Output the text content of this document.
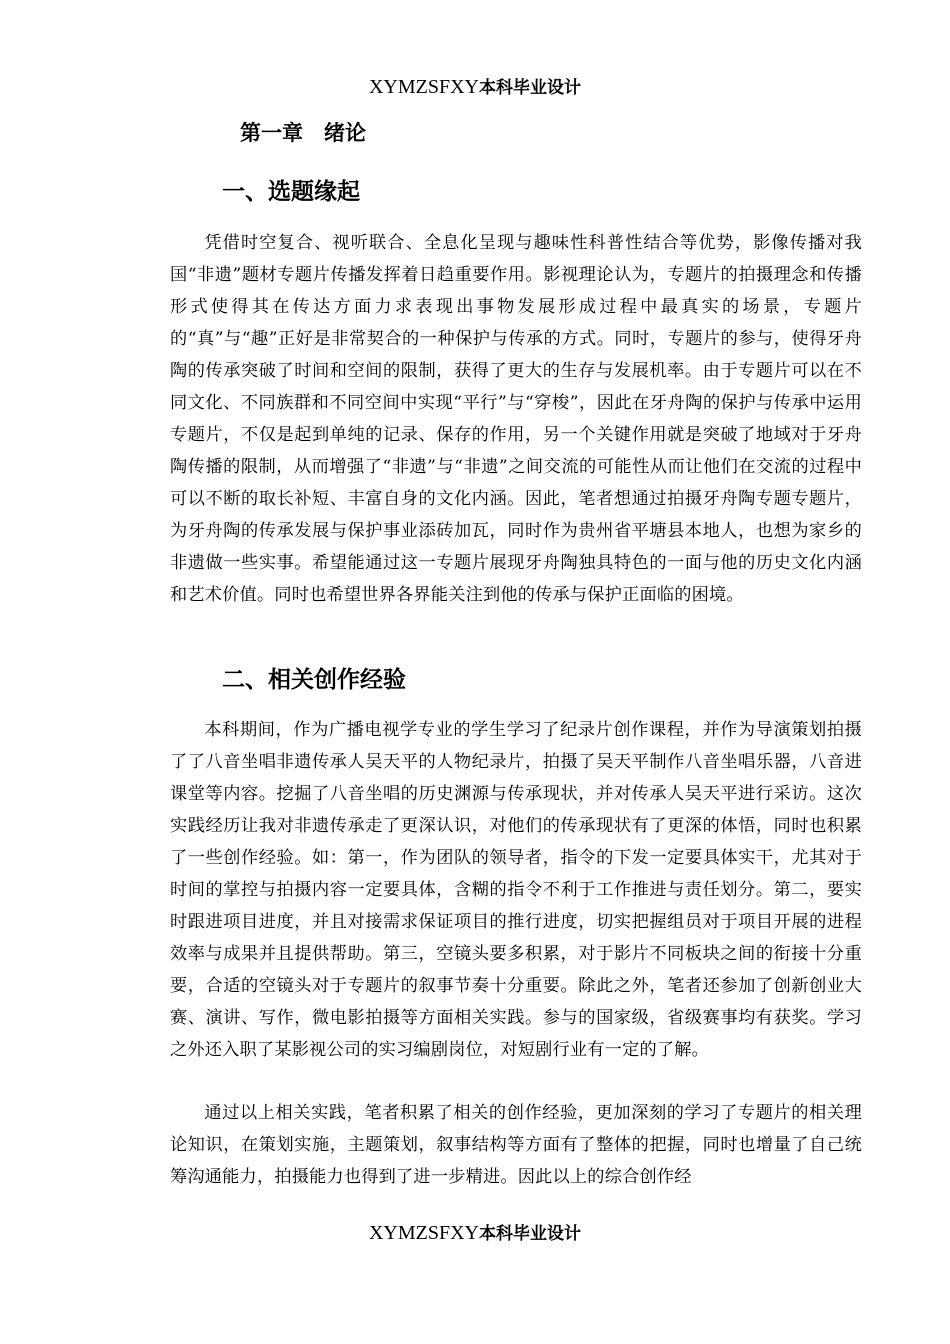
XYMZSFXY本科毕业设计
第一章　绪论
一、选题缘起

凭借时空复合、视听联合、全息化呈现与趣味性科普性结合等优势，影像传播对我国“非遗”题材专题片传播发挥着日趋重要作用。影视理论认为，专题片的拍摄理念和传播形式使得其在传达方面力求表现出事物发展形成过程中最真实的场景，专题片的“真”与“趣”正好是非常契合的一种保护与传承的方式。同时，专题片的参与，使得牙舟陶的传承突破了时间和空间的限制，获得了更大的生存与发展机率。由于专题片可以在不同文化、不同族群和不同空间中实现“平行”与“穿梭”，因此在牙舟陶的保护与传承中运用专题片，不仅是起到单纯的记录、保存的作用，另一个关键作用就是突破了地域对于牙舟陶传播的限制，从而增强了“非遗”与“非遗”之间交流的可能性从而让他们在交流的过程中可以不断的取长补短、丰富自身的文化内涵。因此，笔者想通过拍摄牙舟陶专题专题片，为牙舟陶的传承发展与保护事业添砖加瓦，同时作为贵州省平塘县本地人，也想为家乡的非遗做一些实事。希望能通过这一专题片展现牙舟陶独具特色的一面与他的历史文化内涵和艺术价值。同时也希望世界各界能关注到他的传承与保护正面临的困境。

二、相关创作经验

本科期间，作为广播电视学专业的学生学习了纪录片创作课程，并作为导演策划拍摄了了八音坐唱非遗传承人吴天平的人物纪录片，拍摄了吴天平制作八音坐唱乐器，八音进课堂等内容。挖掘了八音坐唱的历史渊源与传承现状，并对传承人吴天平进行采访。这次实践经历让我对非遗传承走了更深认识，对他们的传承现状有了更深的体悟，同时也积累了一些创作经验。如：第一，作为团队的领导者，指令的下发一定要具体实干，尤其对于时间的掌控与拍摄内容一定要具体，含糊的指令不利于工作推进与责任划分。第二，要实时跟进项目进度，并且对接需求保证项目的推行进度，切实把握组员对于项目开展的进程效率与成果并且提供帮助。第三，空镜头要多积累，对于影片不同板块之间的衔接十分重要，合适的空镜头对于专题片的叙事节奏十分重要。除此之外，笔者还参加了创新创业大赛、演讲、写作，微电影拍摄等方面相关实践。参与的国家级，省级赛事均有获奖。学习之外还入职了某影视公司的实习编剧岗位，对短剧行业有一定的了解。

通过以上相关实践，笔者积累了相关的创作经验，更加深刻的学习了专题片的相关理论知识，在策划实施，主题策划，叙事结构等方面有了整体的把握，同时也增量了自己统筹沟通能力，拍摄能力也得到了进一步精进。因此以上的综合创作经

XYMZSFXY本科毕业设计
